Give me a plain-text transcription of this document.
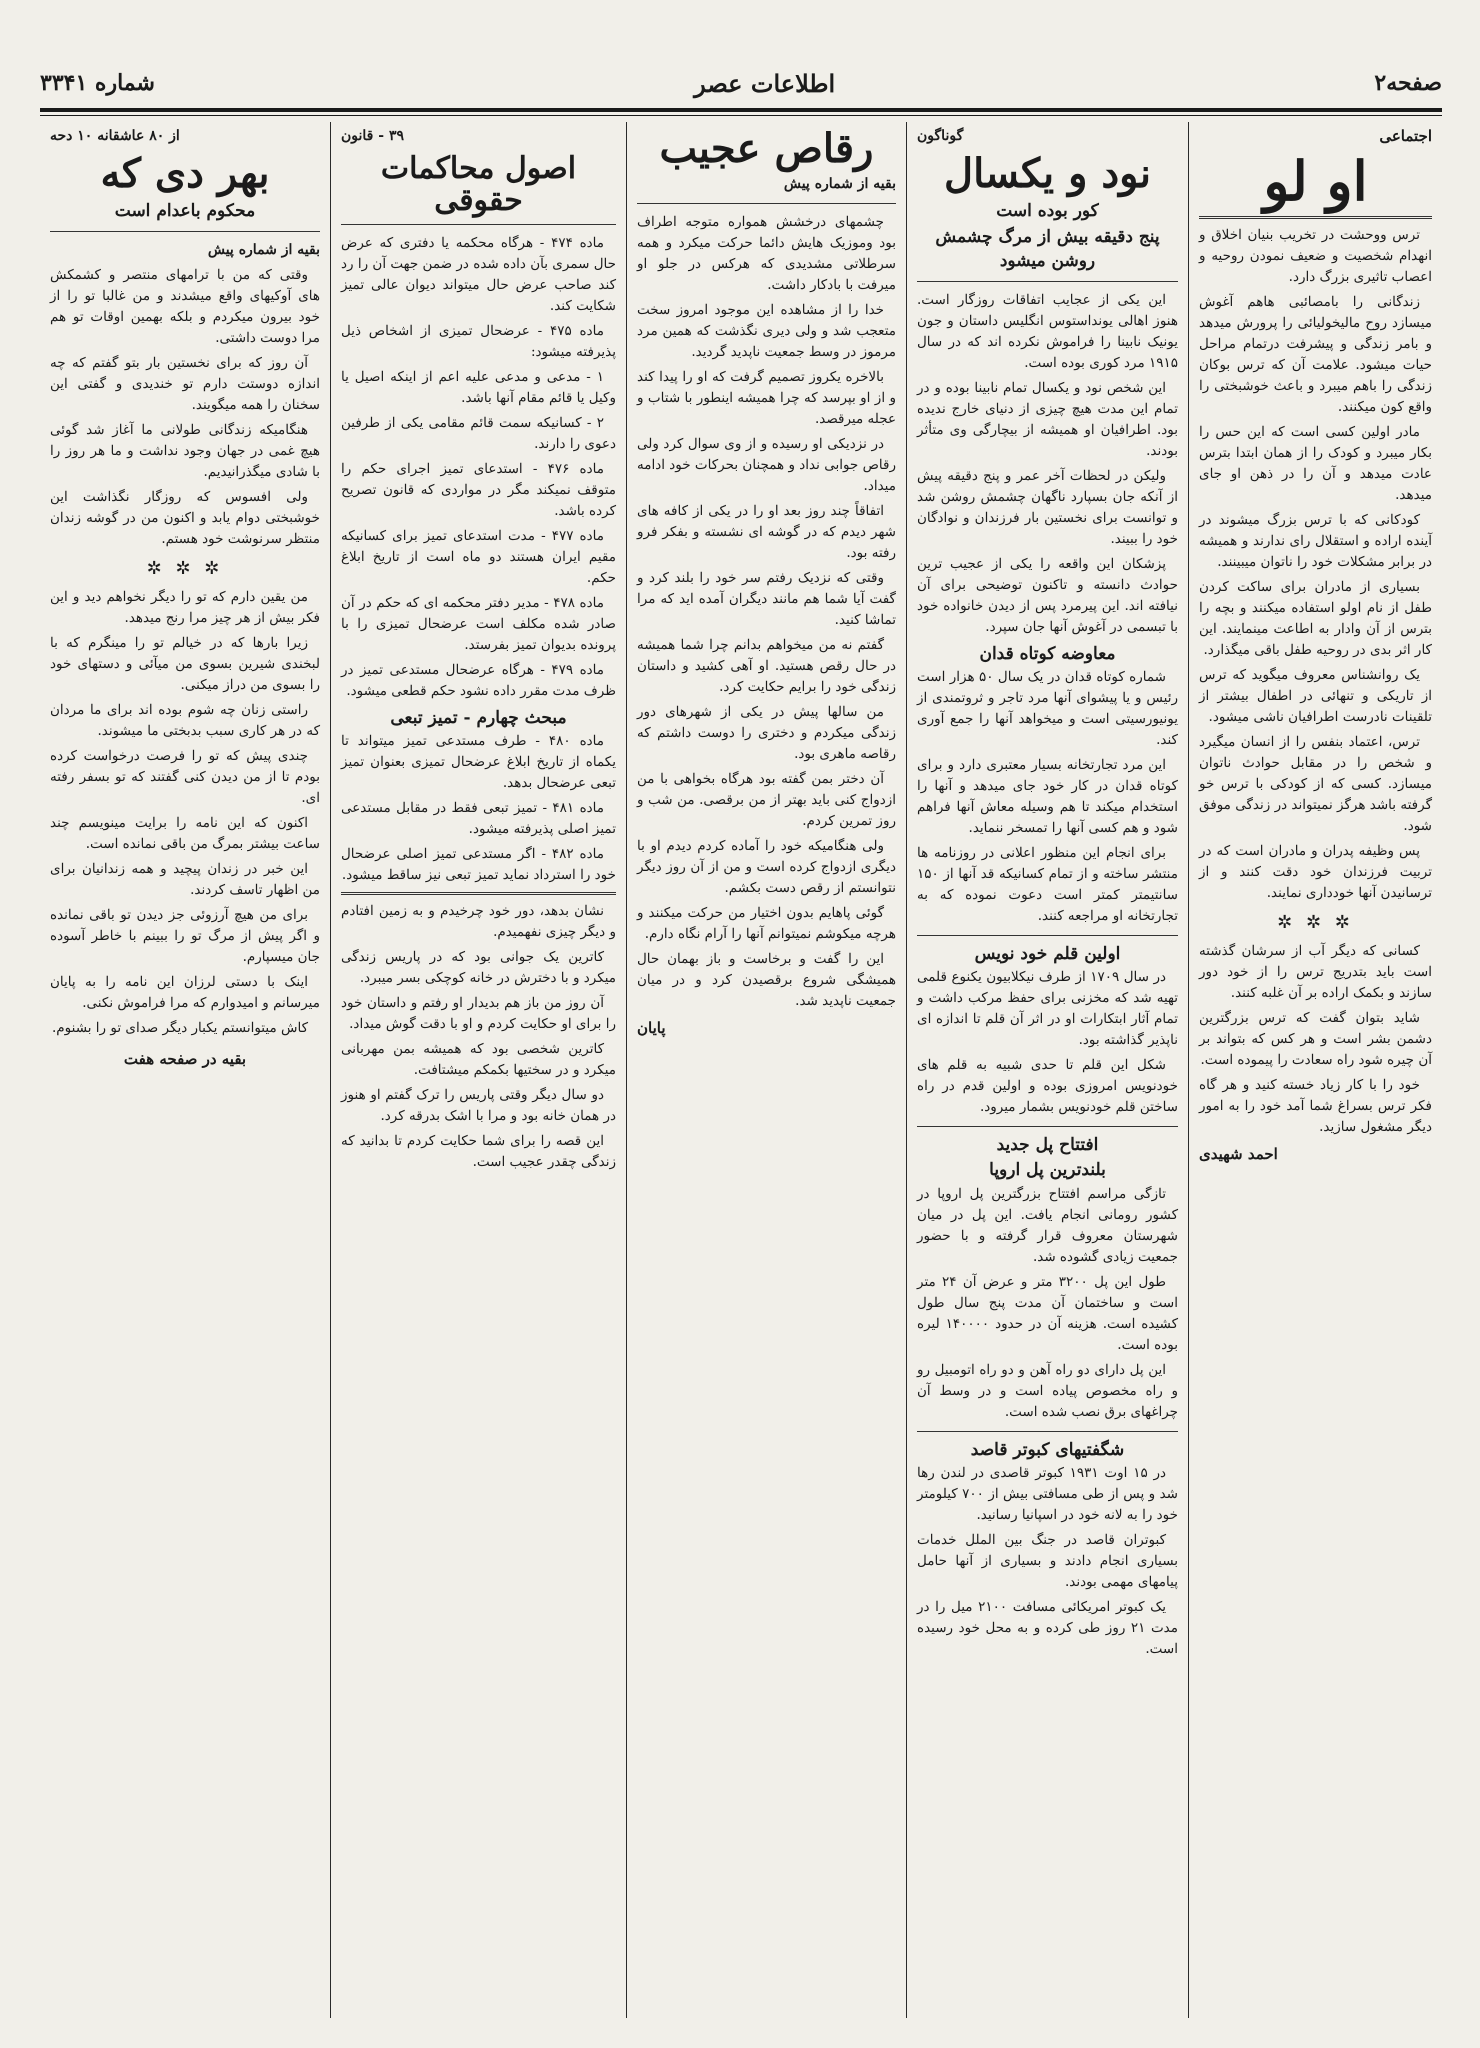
صفحه۲
اطلاعات عصر
شماره ۳۳۴۱
اجتماعی
او لو

ترس ووحشت در تخریب بنیان اخلاق و انهدام شخصیت و ضعیف نمودن روحیه و اعصاب تاثیری بزرگ دارد.

زندگانی را بامصائبی هاهم آغوش میسازد روح مالیخولیائی را پرورش میدهد و بامر زندگی و پیشرفت درتمام مراحل حیات میشود. علامت آن که ترس بوکان زندگی را باهم میبرد و باعث خوشبختی را واقع کون میکنند.

مادر اولین کسی است که این حس را بکار میبرد و کودک را از همان ابتدا بترس عادت میدهد و آن را در ذهن او جای میدهد.

کودکانی که با ترس بزرگ میشوند در آینده اراده و استقلال رای ندارند و همیشه در برابر مشکلات خود را ناتوان میبینند.

بسیاری از مادران برای ساکت کردن طفل از نام اولو استفاده میکنند و بچه را بترس از آن وادار به اطاعت مینمایند. این کار اثر بدی در روحیه طفل باقی میگذارد.

یک روانشناس معروف میگوید که ترس از تاریکی و تنهائی در اطفال بیشتر از تلقینات نادرست اطرافیان ناشی میشود.

ترس، اعتماد بنفس را از انسان میگیرد و شخص را در مقابل حوادث ناتوان میسازد. کسی که از کودکی با ترس خو گرفته باشد هرگز نمیتواند در زندگی موفق شود.

پس وظیفه پدران و مادران است که در تربیت فرزندان خود دقت کنند و از ترسانیدن آنها خودداری نمایند.

✲ ✲ ✲

کسانی که دیگر آب از سرشان گذشته است باید بتدریج ترس را از خود دور سازند و بکمک اراده بر آن غلبه کنند.

شاید بتوان گفت که ترس بزرگترین دشمن بشر است و هر کس که بتواند بر آن چیره شود راه سعادت را پیموده است.

خود را با کار زیاد خسته کنید و هر گاه فکر ترس بسراغ شما آمد خود را به امور دیگر مشغول سازید.

احمد شهیدی
گوناگون
نود و یکسال
کور بوده است
پنج دقیقه بیش از مرگ چشمش روشن میشود

این یکی از عجایب اتفاقات روزگار است. هنوز اهالی یونداستوس انگلیس داستان و جون یونیک نابینا را فراموش نکرده اند که در سال ۱۹۱۵ مرد کوری بوده است.

این شخص نود و یکسال تمام نابینا بوده و در تمام این مدت هیچ چیزی از دنیای خارج ندیده بود. اطرافیان او همیشه از بیچارگی وی متأثر بودند.

ولیکن در لحظات آخر عمر و پنج دقیقه پیش از آنکه جان بسپارد ناگهان چشمش روشن شد و توانست برای نخستین بار فرزندان و نوادگان خود را ببیند.

پزشکان این واقعه را یکی از عجیب ترین حوادث دانسته و تاکنون توضیحی برای آن نیافته اند. این پیرمرد پس از دیدن خانواده خود با تبسمی در آغوش آنها جان سپرد.

معاوضه کوتاه قدان

شماره کوتاه قدان در یک سال ۵۰ هزار است رئیس و یا پیشوای آنها مرد تاجر و ثروتمندی از یونیورسیتی است و میخواهد آنها را جمع آوری کند.

این مرد تجارتخانه بسیار معتبری دارد و برای کوتاه قدان در کار خود جای میدهد و آنها را استخدام میکند تا هم وسیله معاش آنها فراهم شود و هم کسی آنها را تمسخر ننماید.

برای انجام این منظور اعلانی در روزنامه ها منتشر ساخته و از تمام کسانیکه قد آنها از ۱۵۰ سانتیمتر کمتر است دعوت نموده که به تجارتخانه او مراجعه کنند.

اولین قلم خود نویس

در سال ۱۷۰۹ از طرف نیکلابیون یکنوع قلمی تهیه شد که مخزنی برای حفظ مرکب داشت و تمام آثار ابتکارات او در اثر آن قلم تا اندازه ای ناپذیر گذاشته بود.

شکل این قلم تا حدی شبیه به قلم های خودنویس امروزی بوده و اولین قدم در راه ساختن قلم خودنویس بشمار میرود.

افتتاح پل جدید
بلندترین پل اروپا

تازگی مراسم افتتاح بزرگترین پل اروپا در کشور رومانی انجام یافت. این پل در میان شهرستان معروف قرار گرفته و با حضور جمعیت زیادی گشوده شد.

طول این پل ۳۲۰۰ متر و عرض آن ۲۴ متر است و ساختمان آن مدت پنج سال طول کشیده است. هزینه آن در حدود ۱۴۰۰۰۰ لیره بوده است.

این پل دارای دو راه آهن و دو راه اتومبیل رو و راه مخصوص پیاده است و در وسط آن چراغهای برق نصب شده است.

شگفتیهای کبوتر قاصد

در ۱۵ اوت ۱۹۳۱ کبوتر قاصدی در لندن رها شد و پس از طی مسافتی بیش از ۷۰۰ کیلومتر خود را به لانه خود در اسپانیا رسانید.

کبوتران قاصد در جنگ بین الملل خدمات بسیاری انجام دادند و بسیاری از آنها حامل پیامهای مهمی بودند.

یک کبوتر امریکائی مسافت ۲۱۰۰ میل را در مدت ۲۱ روز طی کرده و به محل خود رسیده است.

رقاص عجیب
بقیه از شماره پیش

چشمهای درخشش همواره متوجه اطراف بود وموزیک هایش دائما حرکت میکرد و همه سرطلاتی مشدیدی که هرکس در جلو او میرفت با بادکار داشت.

خدا را از مشاهده این موجود امروز سخت متعجب شد و ولی دیری نگذشت که همین مرد مرموز در وسط جمعیت ناپدید گردید.

بالاخره یکروز تصمیم گرفت که او را پیدا کند و از او بپرسد که چرا همیشه اینطور با شتاب و عجله میرقصد.

در نزدیکی او رسیده و از وی سوال کرد ولی رقاص جوابی نداد و همچنان بحرکات خود ادامه میداد.

اتفاقاً چند روز بعد او را در یکی از کافه های شهر دیدم که در گوشه ای نشسته و بفکر فرو رفته بود.

وقتی که نزدیک رفتم سر خود را بلند کرد و گفت آیا شما هم مانند دیگران آمده اید که مرا تماشا کنید.

گفتم نه من میخواهم بدانم چرا شما همیشه در حال رقص هستید. او آهی کشید و داستان زندگی خود را برایم حکایت کرد.

من سالها پیش در یکی از شهرهای دور زندگی میکردم و دختری را دوست داشتم که رقاصه ماهری بود.

آن دختر بمن گفته بود هرگاه بخواهی با من ازدواج کنی باید بهتر از من برقصی. من شب و روز تمرین کردم.

ولی هنگامیکه خود را آماده کردم دیدم او با دیگری ازدواج کرده است و من از آن روز دیگر نتوانستم از رقص دست بکشم.

گوئی پاهایم بدون اختیار من حرکت میکنند و هرچه میکوشم نمیتوانم آنها را آرام نگاه دارم.

این را گفت و برخاست و باز بهمان حال همیشگی شروع برقصیدن کرد و در میان جمعیت ناپدید شد.

پایان
۳۹ - قانون
اصول محاکمات حقوقی

ماده ۴۷۴ - هرگاه محکمه یا دفتری که عرض حال سمری بآن داده شده در ضمن جهت آن را رد کند صاحب عرض حال میتواند دیوان عالی تمیز شکایت کند.

ماده ۴۷۵ - عرضحال تمیزی از اشخاص ذیل پذیرفته میشود:

۱ - مدعی و مدعی علیه اعم از اینکه اصیل یا وکیل یا قائم مقام آنها باشد.

۲ - کسانیکه سمت قائم مقامی یکی از طرفین دعوی را دارند.

ماده ۴۷۶ - استدعای تمیز اجرای حکم را متوقف نمیکند مگر در مواردی که قانون تصریح کرده باشد.

ماده ۴۷۷ - مدت استدعای تمیز برای کسانیکه مقیم ایران هستند دو ماه است از تاریخ ابلاغ حکم.

ماده ۴۷۸ - مدیر دفتر محکمه ای که حکم در آن صادر شده مکلف است عرضحال تمیزی را با پرونده بدیوان تمیز بفرستد.

ماده ۴۷۹ - هرگاه عرضحال مستدعی تمیز در ظرف مدت مقرر داده نشود حکم قطعی میشود.

مبحث چهارم - تمیز تبعی

ماده ۴۸۰ - طرف مستدعی تمیز میتواند تا یکماه از تاریخ ابلاغ عرضحال تمیزی بعنوان تمیز تبعی عرضحال بدهد.

ماده ۴۸۱ - تمیز تبعی فقط در مقابل مستدعی تمیز اصلی پذیرفته میشود.

ماده ۴۸۲ - اگر مستدعی تمیز اصلی عرضحال خود را استرداد نماید تمیز تبعی نیز ساقط میشود.

نشان بدهد، دور خود چرخیدم و به زمین افتادم و دیگر چیزی نفهمیدم.

کاترین یک جوانی بود که در پاریس زندگی میکرد و با دخترش در خانه کوچکی بسر میبرد.

آن روز من باز هم بدیدار او رفتم و داستان خود را برای او حکایت کردم و او با دقت گوش میداد.

کاترین شخصی بود که همیشه بمن مهربانی میکرد و در سختیها بکمکم میشتافت.

دو سال دیگر وقتی پاریس را ترک گفتم او هنوز در همان خانه بود و مرا با اشک بدرقه کرد.

این قصه را برای شما حکایت کردم تا بدانید که زندگی چقدر عجیب است.

از ۸۰ عاشقانه ۱۰ دحه
بهر دی که
محکوم باعدام است
بقیه از شماره پیش

وقتی که من با ترامهای منتصر و کشمکش های آوکیهای واقع میشدند و من غالبا تو را از خود بیرون میکردم و بلکه بهمین اوقات تو هم مرا دوست داشتی.

آن روز که برای نخستین بار بتو گفتم که چه اندازه دوستت دارم تو خندیدی و گفتی این سخنان را همه میگویند.

هنگامیکه زندگانی طولانی ما آغاز شد گوئی هیچ غمی در جهان وجود نداشت و ما هر روز را با شادی میگذرانیدیم.

ولی افسوس که روزگار نگذاشت این خوشبختی دوام یابد و اکنون من در گوشه زندان منتظر سرنوشت خود هستم.

✲ ✲ ✲

من یقین دارم که تو را دیگر نخواهم دید و این فکر بیش از هر چیز مرا رنج میدهد.

زیرا بارها که در خیالم تو را مینگرم که با لبخندی شیرین بسوی من میآئی و دستهای خود را بسوی من دراز میکنی.

راستی زنان چه شوم بوده اند برای ما مردان که در هر کاری سبب بدبختی ما میشوند.

چندی پیش که تو را فرصت درخواست کرده بودم تا از من دیدن کنی گفتند که تو بسفر رفته ای.

اکنون که این نامه را برایت مینویسم چند ساعت بیشتر بمرگ من باقی نمانده است.

این خبر در زندان پیچید و همه زندانیان برای من اظهار تاسف کردند.

برای من هیچ آرزوئی جز دیدن تو باقی نمانده و اگر پیش از مرگ تو را ببینم با خاطر آسوده جان میسپارم.

اینک با دستی لرزان این نامه را به پایان میرسانم و امیدوارم که مرا فراموش نکنی.

کاش میتوانستم یکبار دیگر صدای تو را بشنوم.

بقیه در صفحه هفت
